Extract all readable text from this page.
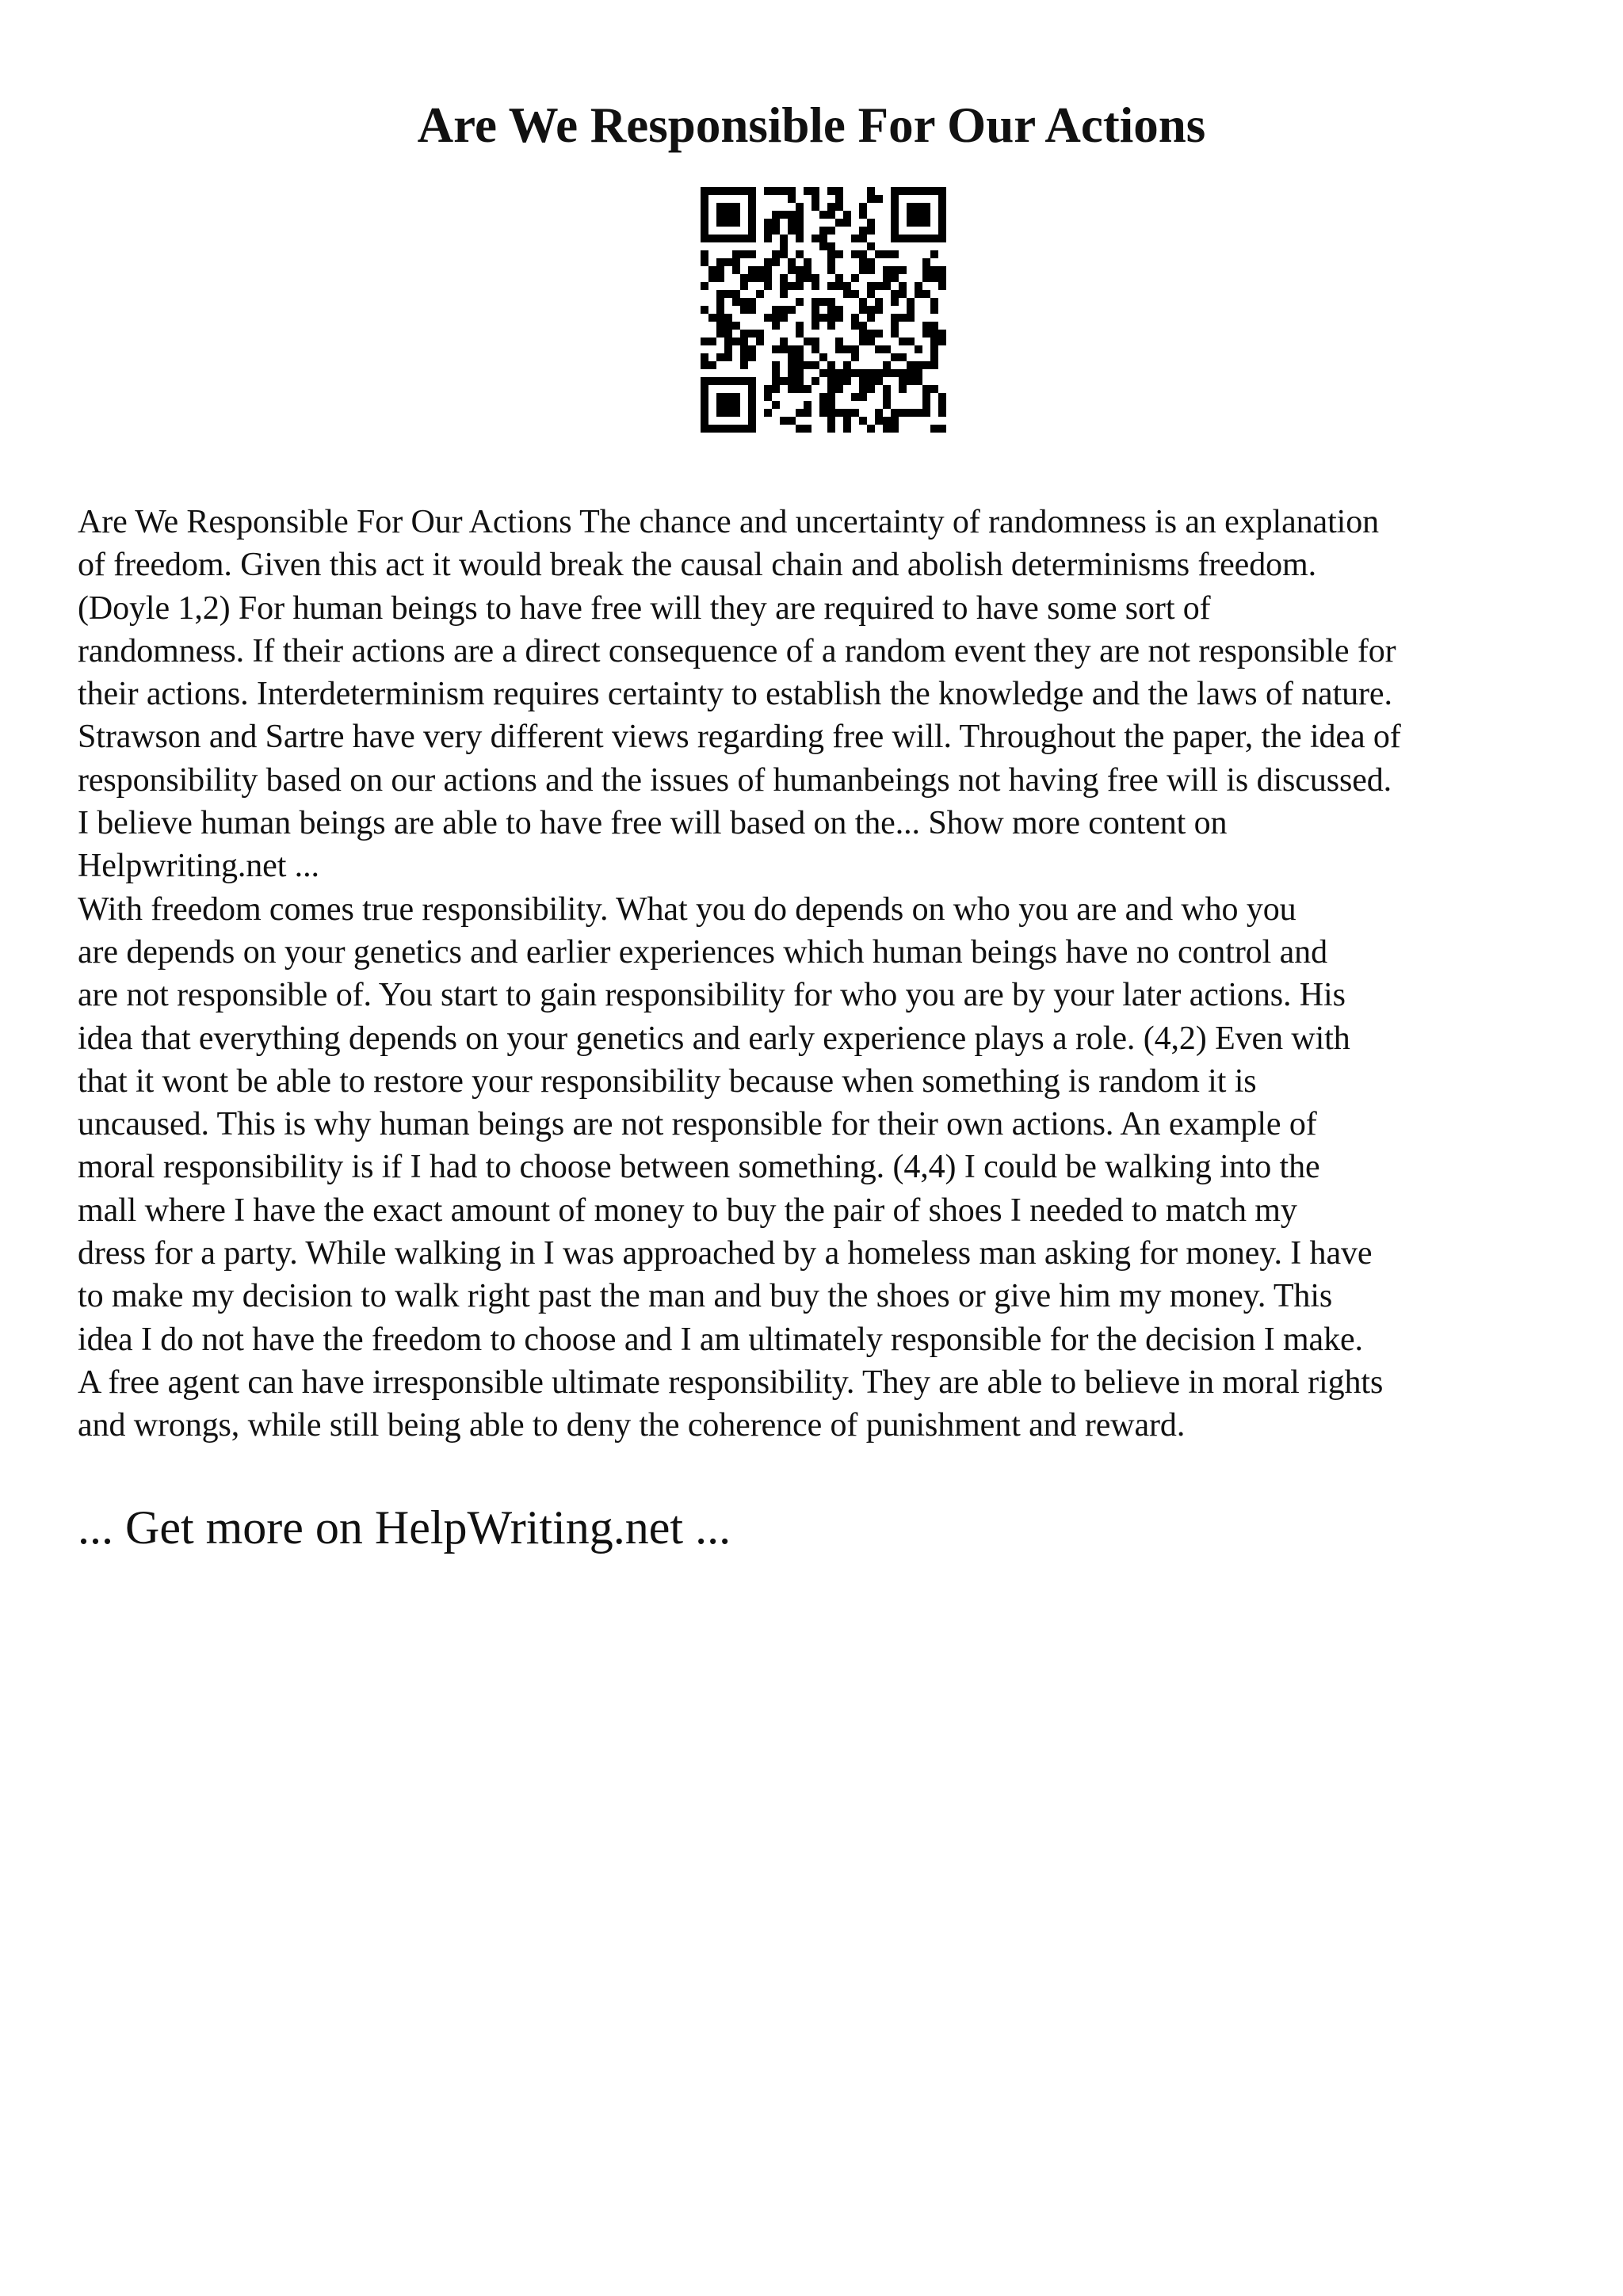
Are We Responsible For Our Actions
Are We Responsible For Our Actions The chance and uncertainty of randomness is an explanation
of freedom. Given this act it would break the causal chain and abolish determinisms freedom.
(Doyle 1,2) For human beings to have free will they are required to have some sort of
randomness. If their actions are a direct consequence of a random event they are not responsible for
their actions. Interdeterminism requires certainty to establish the knowledge and the laws of nature.
Strawson and Sartre have very different views regarding free will. Throughout the paper, the idea of
responsibility based on our actions and the issues of humanbeings not having free will is discussed.
I believe human beings are able to have free will based on the... Show more content on
Helpwriting.net ...
With freedom comes true responsibility. What you do depends on who you are and who you
are depends on your genetics and earlier experiences which human beings have no control and
are not responsible of. You start to gain responsibility for who you are by your later actions. His
idea that everything depends on your genetics and early experience plays a role. (4,2) Even with
that it wont be able to restore your responsibility because when something is random it is
uncaused. This is why human beings are not responsible for their own actions. An example of
moral responsibility is if I had to choose between something. (4,4) I could be walking into the
mall where I have the exact amount of money to buy the pair of shoes I needed to match my
dress for a party. While walking in I was approached by a homeless man asking for money. I have
to make my decision to walk right past the man and buy the shoes or give him my money. This
idea I do not have the freedom to choose and I am ultimately responsible for the decision I make.
A free agent can have irresponsible ultimate responsibility. They are able to believe in moral rights
and wrongs, while still being able to deny the coherence of punishment and reward.
... Get more on HelpWriting.net ...
